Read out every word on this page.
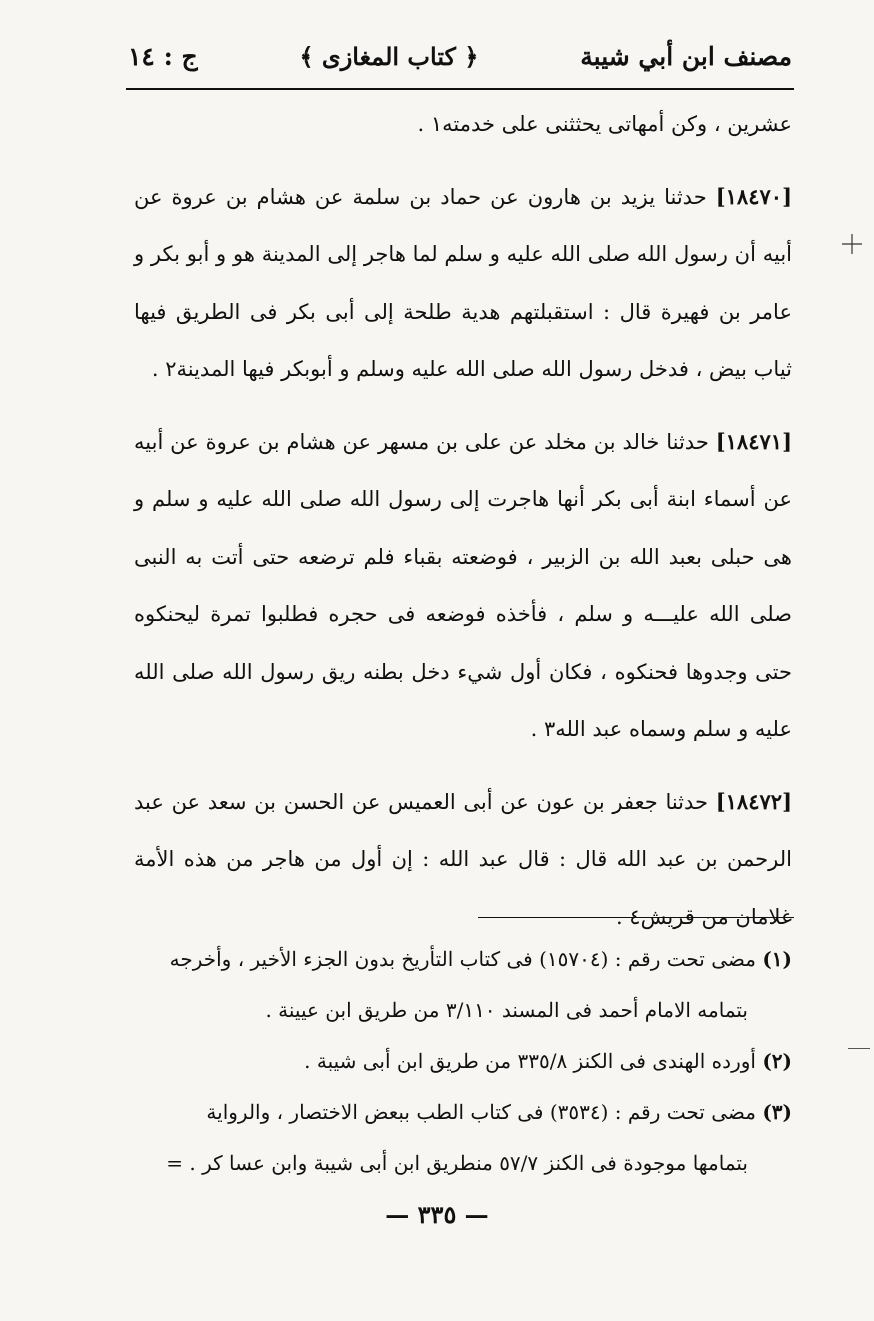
مصنف ابن أبي شيبة
﴿ كتاب المغازى ﴾
ج : ١٤

عشرين ، وكن أمهاتى يحثثنى على خدمته١ .

[١٨٤٧٠] حدثنا يزيد بن هارون عن حماد بن سلمة عن هشام بن عروة عن أبيه أن رسول الله صلى الله عليه و سلم لما هاجر إلى المدينة هو و أبو بكر و عامر بن فهيرة قال : استقبلتهم هدية طلحة إلى أبى بكر فى الطريق فيها ثياب بيض ، فدخل رسول الله صلى الله عليه وسلم و أبوبكر فيها المدينة٢ .

[١٨٤٧١] حدثنا خالد بن مخلد عن على بن مسهر عن هشام بن عروة عن أبيه عن أسماء ابنة أبى بكر أنها هاجرت إلى رسول الله صلى الله عليه و سلم و هى حبلى بعبد الله بن الزبير ، فوضعته بقباء فلم ترضعه حتى أتت به النبى صلى الله عليـــه و سلم ، فأخذه فوضعه فى حجره فطلبوا تمرة ليحنكوه حتى وجدوها فحنكوه ، فكان أول شيء دخل بطنه ريق رسول الله صلى الله عليه و سلم وسماه عبد الله٣ .

[١٨٤٧٢] حدثنا جعفر بن عون عن أبى العميس عن الحسن بن سعد عن عبد الرحمن بن عبد الله قال : قال عبد الله : إن أول من هاجر من هذه الأمة غلامان من قريش٤ .

(١) مضى تحت رقم : (١٥٧٠٤) فى كتاب التأريخ بدون الجزء الأخير ، وأخرجه

بتمامه الامام أحمد فى المسند ٣/١١٠ من طريق ابن عيينة .

(٢) أورده الهندى فى الكنز ٣٣٥/٨ من طريق ابن أبى شيبة .

(٣) مضى تحت رقم : (٣٥٣٤) فى كتاب الطب ببعض الاختصار ، والرواية

بتمامها موجودة فى الكنز ٥٧/٧ منطريق ابن أبى شيبة وابن عسا كر . =

— ٣٣٥ —
